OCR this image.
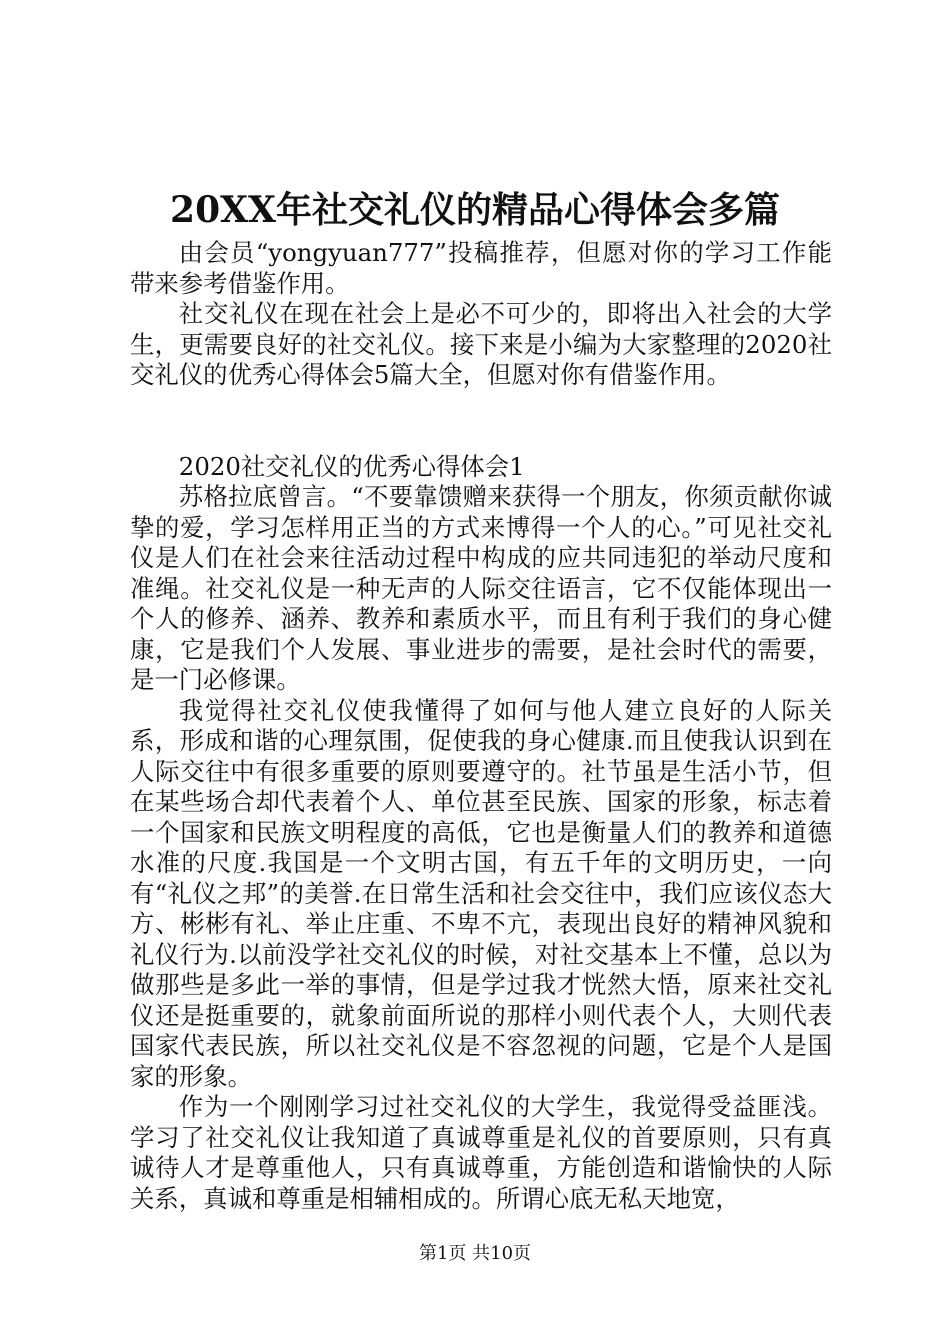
20XX年社交礼仪的精品心得体会多篇

由会员“yongyuan777”投稿推荐，但愿对你的学习工作能带来参考借鉴作用。

社交礼仪在现在社会上是必不可少的，即将出入社会的大学生，更需要良好的社交礼仪。接下来是小编为大家整理的2020社交礼仪的优秀心得体会5篇大全，但愿对你有借鉴作用。

2020社交礼仪的优秀心得体会1

苏格拉底曾言。“不要靠馈赠来获得一个朋友，你须贡献你诚挚的爱，学习怎样用正当的方式来博得一个人的心。”可见社交礼仪是人们在社会来往活动过程中构成的应共同违犯的举动尺度和准绳。社交礼仪是一种无声的人际交往语言，它不仅能体现出一个人的修养、涵养、教养和素质水平，而且有利于我们的身心健康，它是我们个人发展、事业进步的需要，是社会时代的需要，是一门必修课。

我觉得社交礼仪使我懂得了如何与他人建立良好的人际关系，形成和谐的心理氛围，促使我的身心健康.而且使我认识到在人际交往中有很多重要的原则要遵守的。社节虽是生活小节，但在某些场合却代表着个人、单位甚至民族、国家的形象，标志着一个国家和民族文明程度的高低，它也是衡量人们的教养和道德水准的尺度.我国是一个文明古国，有五千年的文明历史，一向有“礼仪之邦”的美誉.在日常生活和社会交往中，我们应该仪态大方、彬彬有礼、举止庄重、不卑不亢，表现出良好的精神风貌和礼仪行为.以前没学社交礼仪的时候，对社交基本上不懂，总以为做那些是多此一举的事情，但是学过我才恍然大悟，原来社交礼仪还是挺重要的，就象前面所说的那样小则代表个人，大则代表国家代表民族，所以社交礼仪是不容忽视的问题，它是个人是国家的形象。

作为一个刚刚学习过社交礼仪的大学生，我觉得受益匪浅。学习了社交礼仪让我知道了真诚尊重是礼仪的首要原则，只有真诚待人才是尊重他人，只有真诚尊重，方能创造和谐愉快的人际关系，真诚和尊重是相辅相成的。所谓心底无私天地宽，

第1页 共10页
